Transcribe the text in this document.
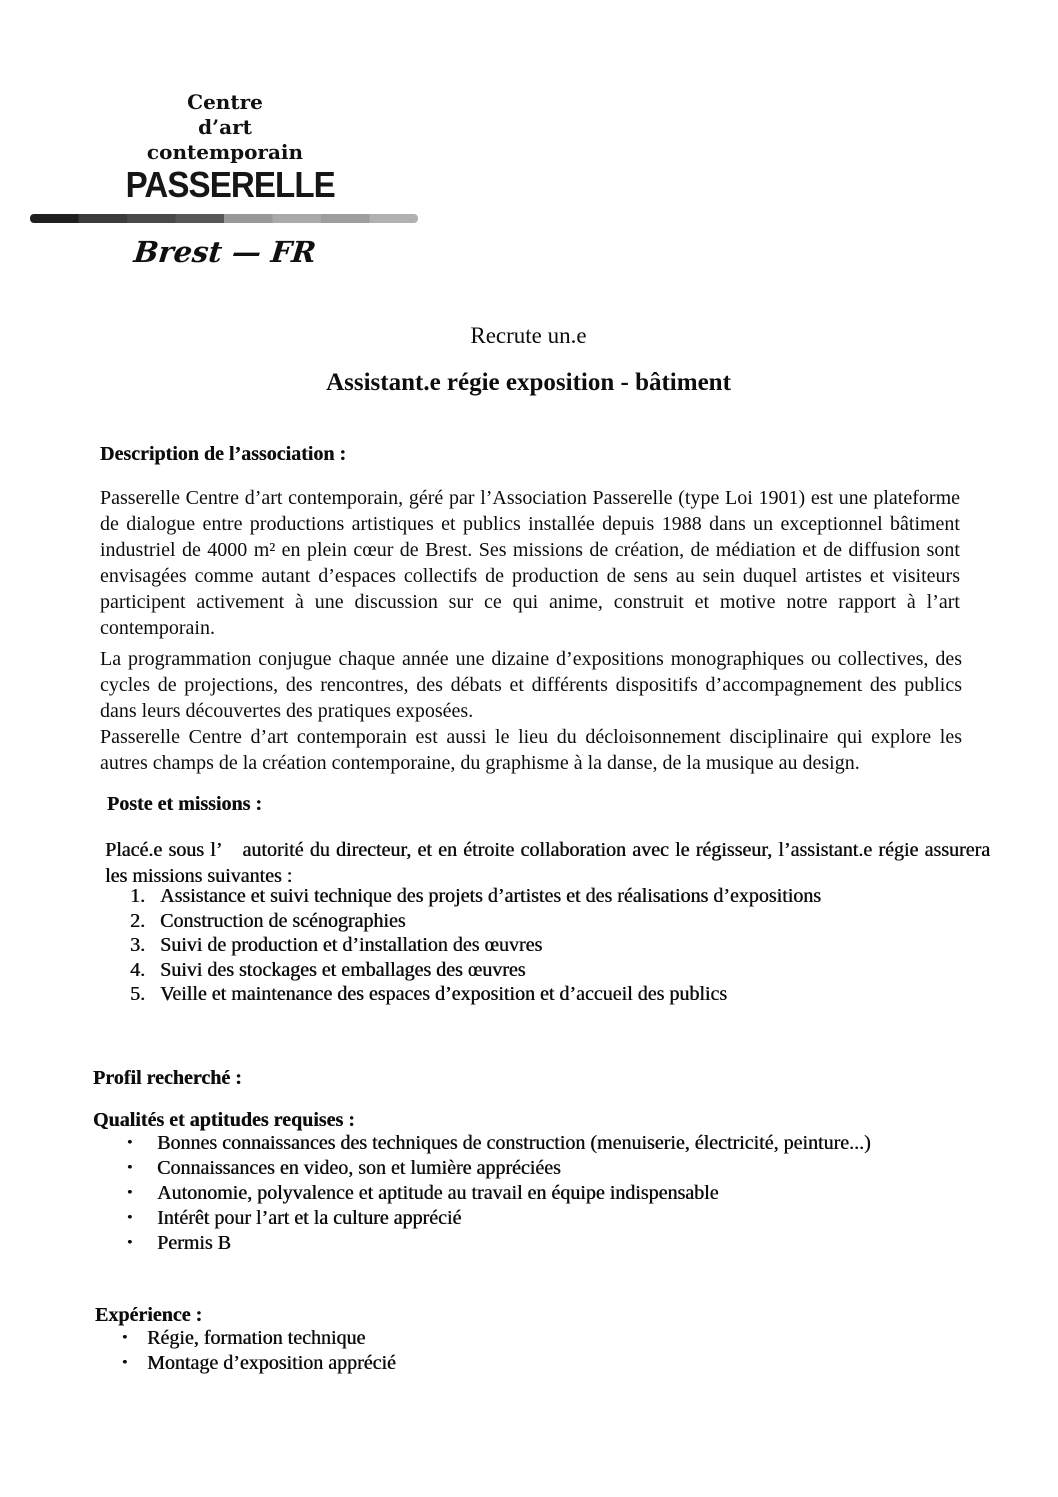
Centre
d’art
contemporain
PASSERELLE
Brest — FR
Recrute un.e
Assistant.e régie exposition - bâtiment
Description de l’association :

Passerelle Centre d’art contemporain, géré par l’Association Passerelle (type Loi 1901) est une plateforme de dialogue entre productions artistiques et publics installée depuis 1988 dans un exceptionnel bâtiment industriel de 4000 m² en plein cœur de Brest. Ses missions de création, de médiation et de diffusion sont envisagées comme autant d’espaces collectifs de production de sens au sein duquel artistes et visiteurs participent activement à une discussion sur ce qui anime, construit et motive notre rapport à l’art contemporain.

La programmation conjugue chaque année une dizaine d’expositions monographiques ou collectives, des cycles de projections, des rencontres, des débats et différents dispositifs d’accompagnement des publics dans leurs découvertes des pratiques exposées.

Passerelle Centre d’art contemporain est aussi le lieu du décloisonnement disciplinaire qui explore les autres champs de la création contemporaine, du graphisme à la danse, de la musique au design.

Poste et missions :

Placé.e sous l’ autorité du directeur, et en étroite collaboration avec le régisseur, l’assistant.e régie assurera les missions suivantes :

1. Assistance et suivi technique des projets d’artistes et des réalisations d’expositions
2. Construction de scénographies
3. Suivi de production et d’installation des œuvres
4. Suivi des stockages et emballages des œuvres
5. Veille et maintenance des espaces d’exposition et d’accueil des publics
Profil recherché :
Qualités et aptitudes requises :
•	Bonnes connaissances des techniques de construction (menuiserie, électricité, peinture...)
•	Connaissances en video, son et lumière appréciées
•	Autonomie, polyvalence et aptitude au travail en équipe indispensable
•	Intérêt pour l’art et la culture apprécié
•	Permis B
Expérience :
• Régie, formation technique
• Montage d’exposition apprécié
